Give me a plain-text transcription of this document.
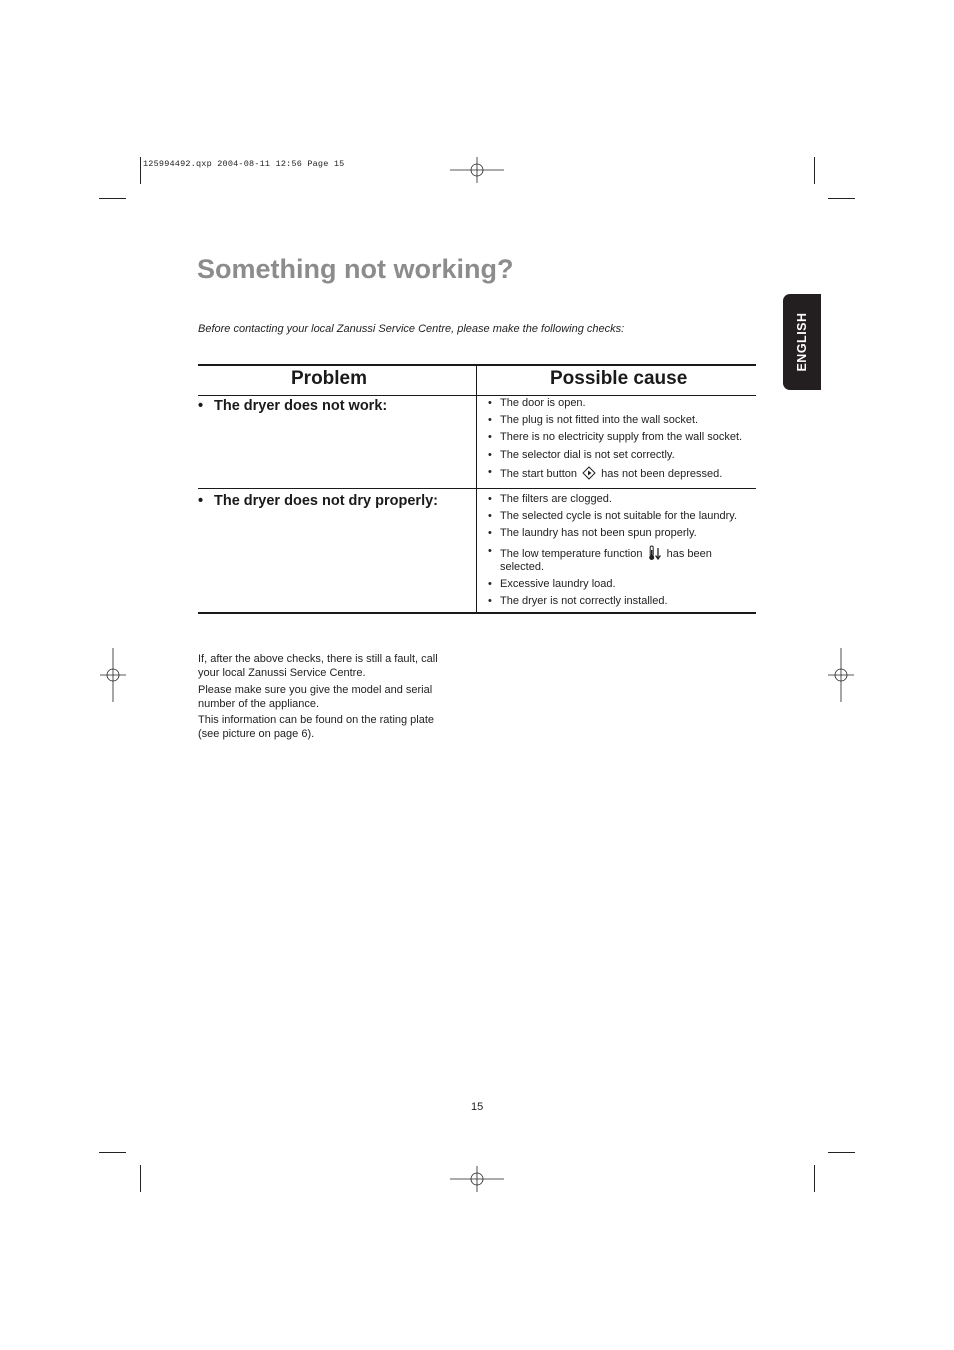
125994492.qxp 2004-08-11 12:56 Page 15
Something not working?
Before contacting your local Zanussi Service Centre, please make the following checks:	ENGLISH
Problem	Possible cause
• The dryer does not work:	• The door is open.
• The plug is not fitted into the wall socket.
• There is no electricity supply from the wall socket.
• The selector dial is not set correctly.
• The start button has not been depressed.
• The dryer does not dry properly:	• The filters are clogged.
• The selected cycle is not suitable for the laundry.
• The laundry has not been spun properly.
• The low temperature function has been
selected.
• Excessive laundry load.
• The dryer is not correctly installed.

If, after the above checks, there is still a fault, call your local Zanussi Service Centre.

Please make sure you give the model and serial number of the appliance.

This information can be found on the rating plate (see picture on page 6).

15
